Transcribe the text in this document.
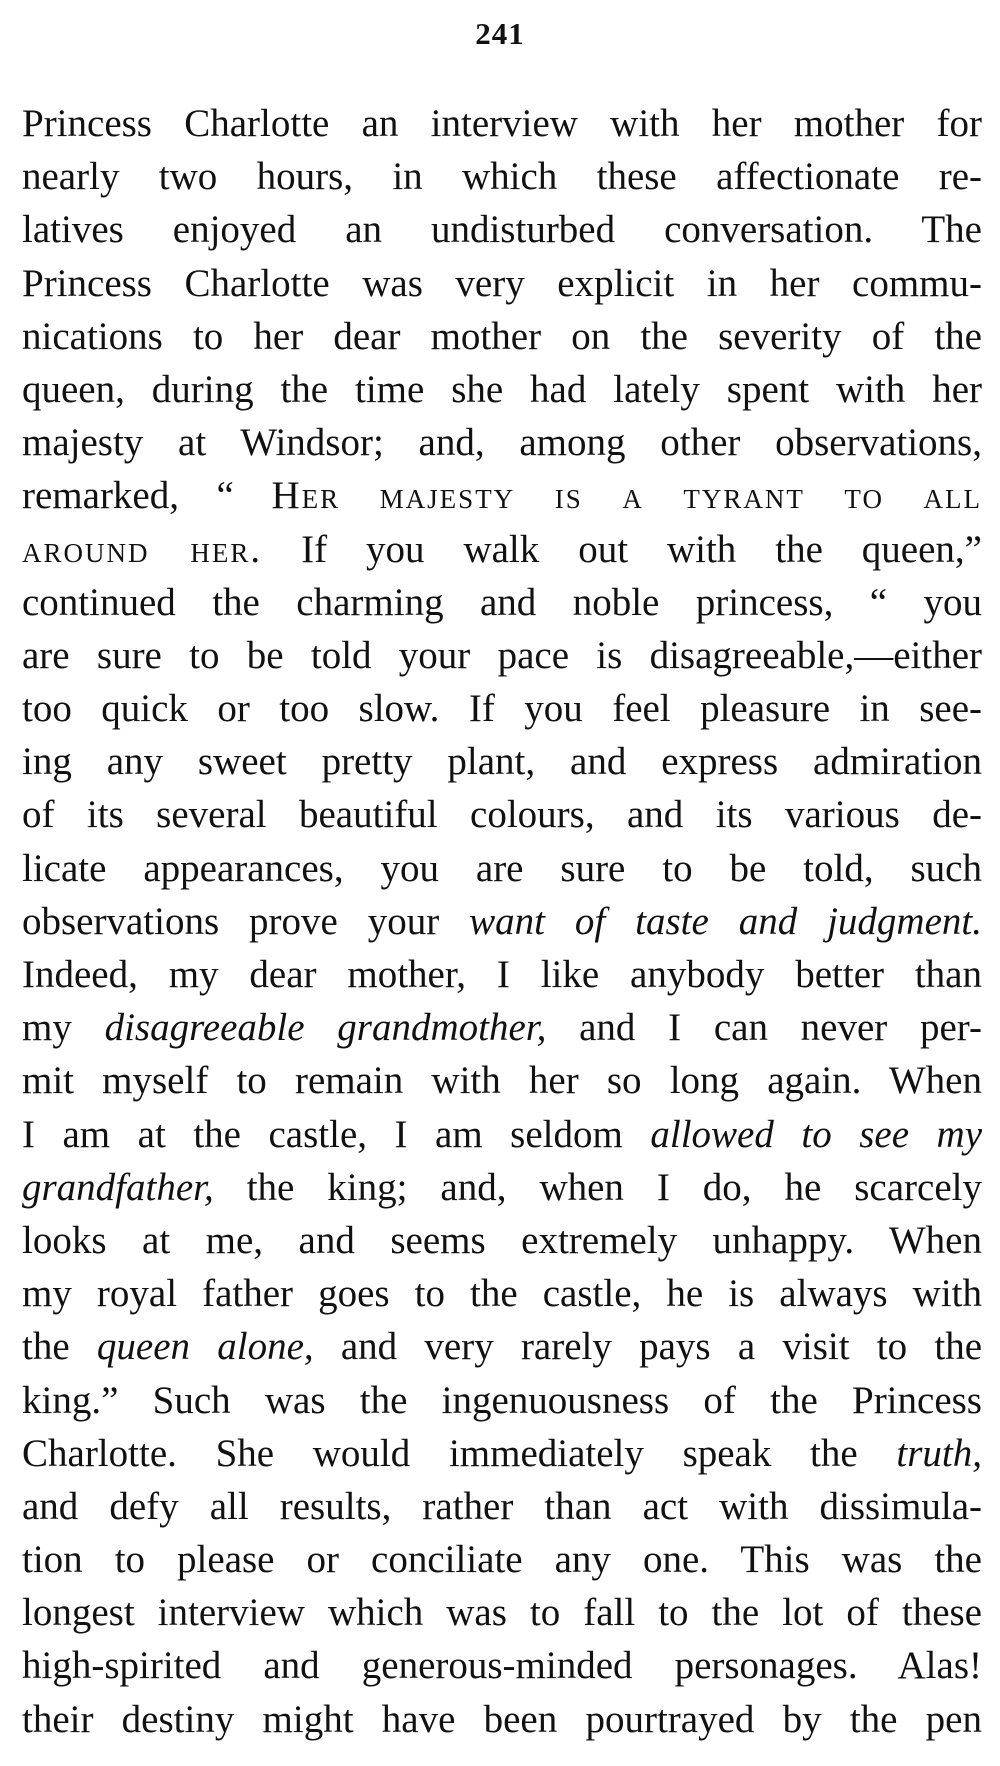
241
Princess Charlotte an interview with her mother for
nearly two hours, in which these affectionate re-
latives enjoyed an undisturbed conversation. The
Princess Charlotte was very explicit in her commu-
nications to her dear mother on the severity of the
queen, during the time she had lately spent with her
majesty at Windsor; and, among other observations,
remarked, “ Her majesty is a tyrant to all
around her. If you walk out with the queen,”
continued the charming and noble princess, “ you
are sure to be told your pace is disagreeable,—either
too quick or too slow. If you feel pleasure in see-
ing any sweet pretty plant, and express admiration
of its several beautiful colours, and its various de-
licate appearances, you are sure to be told, such
observations prove your want of taste and judgment.
Indeed, my dear mother, I like anybody better than
my disagreeable grandmother, and I can never per-
mit myself to remain with her so long again. When
I am at the castle, I am seldom allowed to see my
grandfather, the king; and, when I do, he scarcely
looks at me, and seems extremely unhappy. When
my royal father goes to the castle, he is always with
the queen alone, and very rarely pays a visit to the
king.” Such was the ingenuousness of the Princess
Charlotte. She would immediately speak the truth,
and defy all results, rather than act with dissimula-
tion to please or conciliate any one. This was the
longest interview which was to fall to the lot of these
high-spirited and generous-minded personages. Alas!
their destiny might have been pourtrayed by the pen
